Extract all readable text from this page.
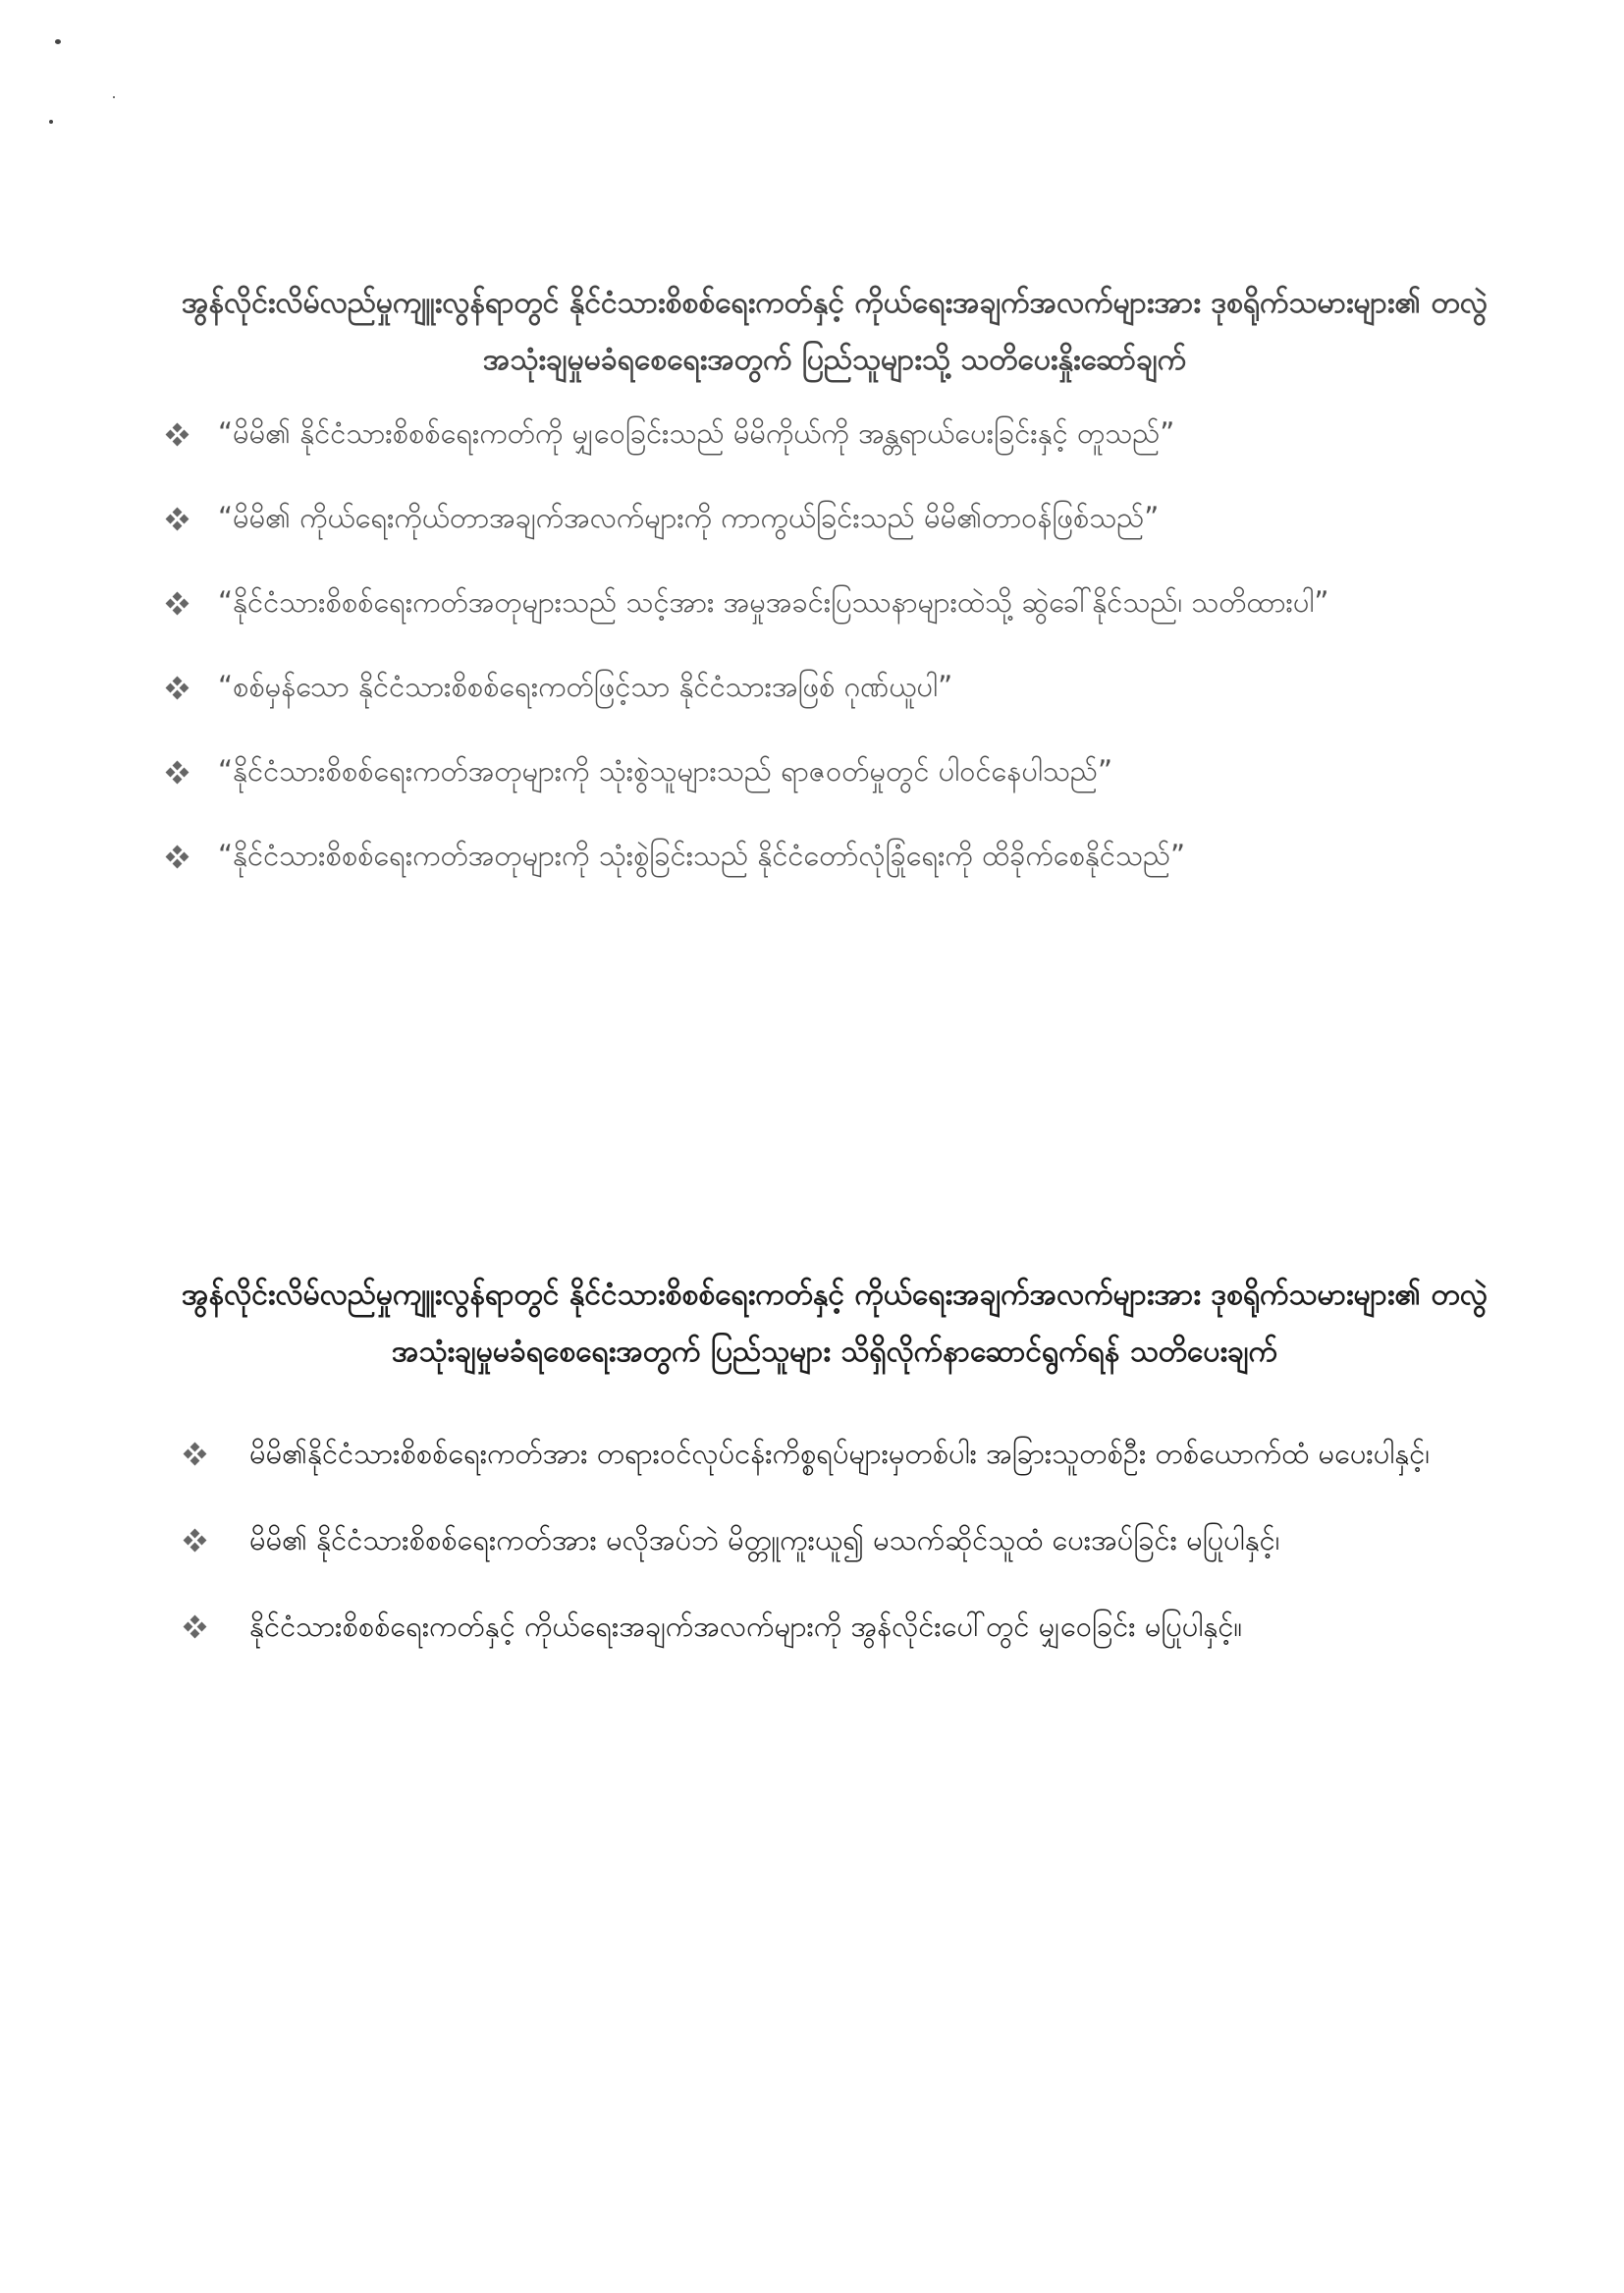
အွန်လိုင်းလိမ်လည်မှုကျူးလွန်ရာတွင် နိုင်ငံသားစိစစ်ရေးကတ်နှင့် ကိုယ်ရေးအချက်အလက်များအား ဒုစရိုက်သမားများ၏ တလွဲအသုံးချမှုမခံရစေရေးအတွက် ပြည်သူများသို့ သတိပေးနှိုးဆော်ချက်
“မိမိ၏ နိုင်ငံသားစိစစ်ရေးကတ်ကို မျှဝေခြင်းသည် မိမိကိုယ်ကို အန္တရာယ်ပေးခြင်းနှင့် တူသည်”
“မိမိ၏ ကိုယ်ရေးကိုယ်တာအချက်အလက်များကို ကာကွယ်ခြင်းသည် မိမိ၏တာဝန်ဖြစ်သည်”
“နိုင်ငံသားစိစစ်ရေးကတ်အတုများသည် သင့်အား အမှုအခင်းပြဿနာများထဲသို့ ဆွဲခေါ်နိုင်သည်၊ သတိထားပါ”
“စစ်မှန်သော နိုင်ငံသားစိစစ်ရေးကတ်ဖြင့်သာ နိုင်ငံသားအဖြစ် ဂုဏ်ယူပါ”
“နိုင်ငံသားစိစစ်ရေးကတ်အတုများကို သုံးစွဲသူများသည် ရာဇဝတ်မှုတွင် ပါဝင်နေပါသည်”
“နိုင်ငံသားစိစစ်ရေးကတ်အတုများကို သုံးစွဲခြင်းသည် နိုင်ငံတော်လုံခြုံရေးကို ထိခိုက်စေနိုင်သည်”
အွန်လိုင်းလိမ်လည်မှုကျူးလွန်ရာတွင် နိုင်ငံသားစိစစ်ရေးကတ်နှင့် ကိုယ်ရေးအချက်အလက်များအား ဒုစရိုက်သမားများ၏ တလွဲအသုံးချမှုမခံရစေရေးအတွက် ပြည်သူများ သိရှိလိုက်နာဆောင်ရွက်ရန် သတိပေးချက်
မိမိ၏နိုင်ငံသားစိစစ်ရေးကတ်အား တရားဝင်လုပ်ငန်းကိစ္စရပ်များမှတစ်ပါး အခြားသူတစ်ဦး တစ်ယောက်ထံ မပေးပါနှင့်၊
မိမိ၏ နိုင်ငံသားစိစစ်ရေးကတ်အား မလိုအပ်ဘဲ မိတ္တူကူးယူ၍ မသက်ဆိုင်သူထံ ပေးအပ်ခြင်း မပြုပါနှင့်၊
နိုင်ငံသားစိစစ်ရေးကတ်နှင့် ကိုယ်ရေးအချက်အလက်များကို အွန်လိုင်းပေါ်တွင် မျှဝေခြင်း မပြုပါနှင့်။
